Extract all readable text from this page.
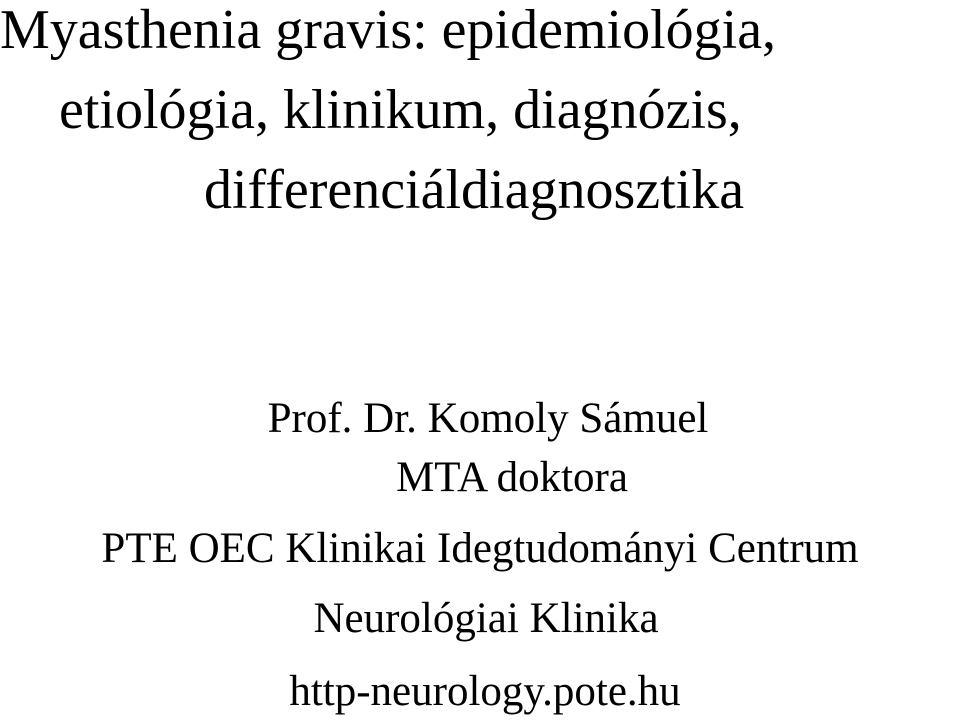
Myasthenia gravis: epidemiológia,
etiológia, klinikum, diagnózis,
differenciáldiagnosztika
Prof. Dr. Komoly Sámuel
MTA doktora
PTE OEC Klinikai Idegtudományi Centrum
Neurológiai Klinika
http-neurology.pote.hu
